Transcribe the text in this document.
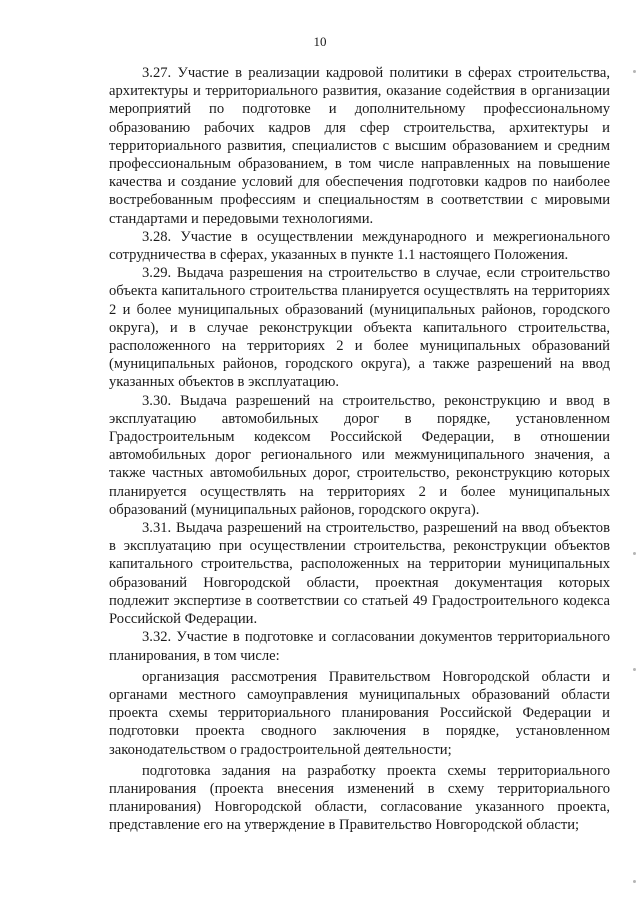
10

3.27. Участие в реализации кадровой политики в сферах строительства, архитектуры и территориального развития, оказание содействия в организации мероприятий по подготовке и дополнительному профессиональному образованию рабочих кадров для сфер строительства, архитектуры и территориального развития, специалистов с высшим образованием и средним профессиональным образованием, в том числе направленных на повышение качества и создание условий для обеспечения подготовки кадров по наиболее востребованным профессиям и специальностям в соответствии с мировыми стандартами и передовыми технологиями.

3.28. Участие в осуществлении международного и межрегионального сотрудничества в сферах, указанных в пункте 1.1 настоящего Положения.

3.29. Выдача разрешения на строительство в случае, если строительство объекта капитального строительства планируется осуществлять на территориях 2 и более муниципальных образований (муниципальных районов, городского округа), и в случае реконструкции объекта капитального строительства, расположенного на территориях 2 и более муниципальных образований (муниципальных районов, городского округа), а также разрешений на ввод указанных объектов в эксплуатацию.

3.30. Выдача разрешений на строительство, реконструкцию и ввод в эксплуатацию автомобильных дорог в порядке, установленном Градостроительным кодексом Российской Федерации, в отношении автомобильных дорог регионального или межмуниципального значения, а также частных автомобильных дорог, строительство, реконструкцию которых планируется осуществлять на территориях 2 и более муниципальных образований (муниципальных районов, городского округа).

3.31. Выдача разрешений на строительство, разрешений на ввод объектов в эксплуатацию при осуществлении строительства, реконструкции объектов капитального строительства, расположенных на территории муниципальных образований Новгородской области, проектная документация которых подлежит экспертизе в соответствии со статьей 49 Градостроительного кодекса Российской Федерации.

3.32. Участие в подготовке и согласовании документов территориального планирования, в том числе:

организация рассмотрения Правительством Новгородской области и органами местного самоуправления муниципальных образований области проекта схемы территориального планирования Российской Федерации и подготовки проекта сводного заключения в порядке, установленном законодательством о градостроительной деятельности;

подготовка задания на разработку проекта схемы территориального планирования (проекта внесения изменений в схему территориального планирования) Новгородской области, согласование указанного проекта, представление его на утверждение в Правительство Новгородской области;
